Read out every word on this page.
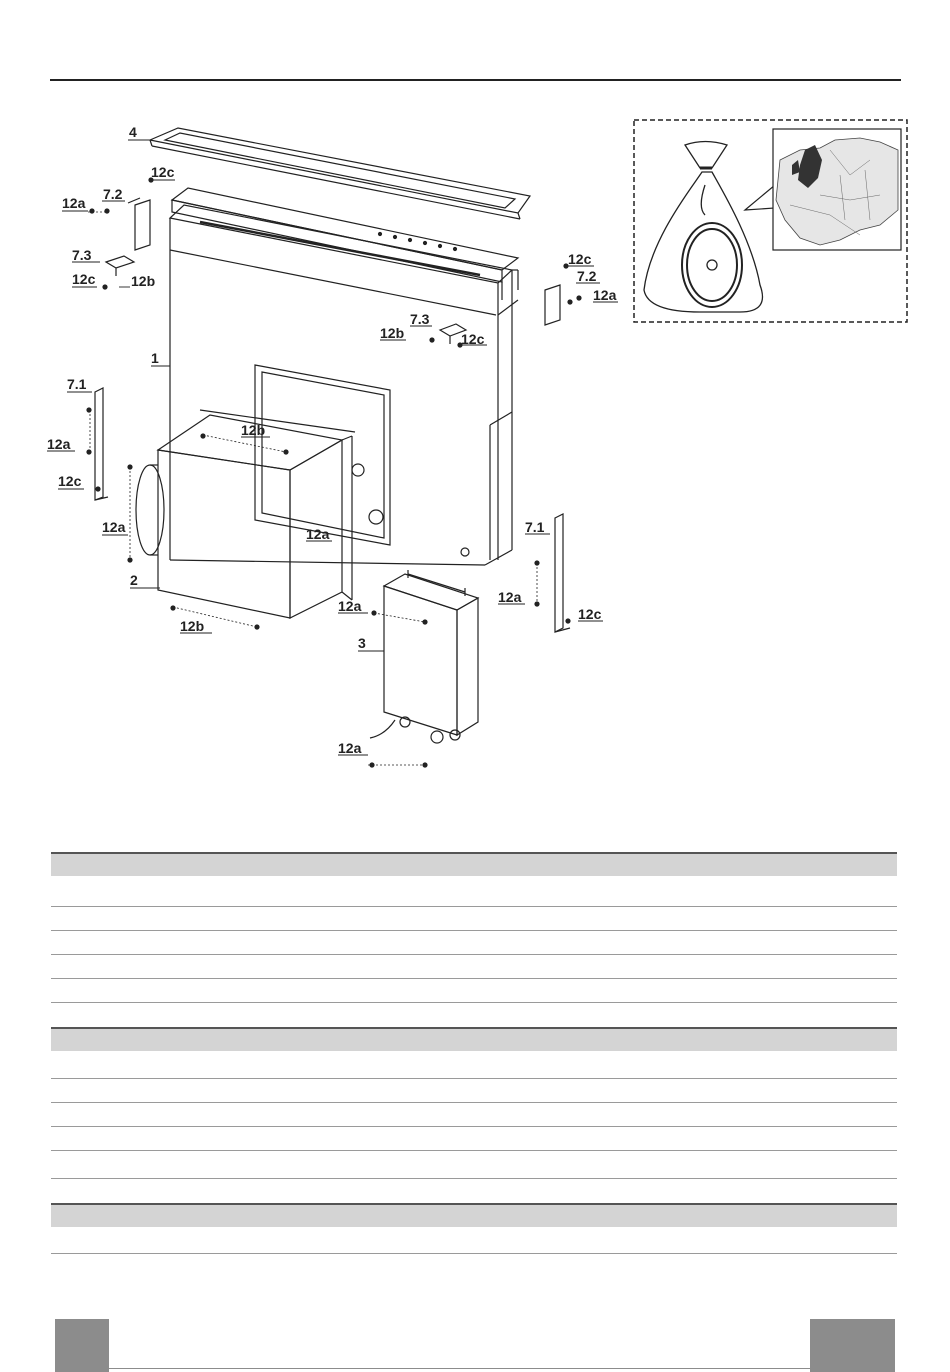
4
12c
7.2
12a
7.3
12c	12b
12c
7.2
12a
7.3
12b	12c
1
7.1
12a
12c
12b
12a	12a	7.1
2
12a
12a	12c
12b
3
12a
